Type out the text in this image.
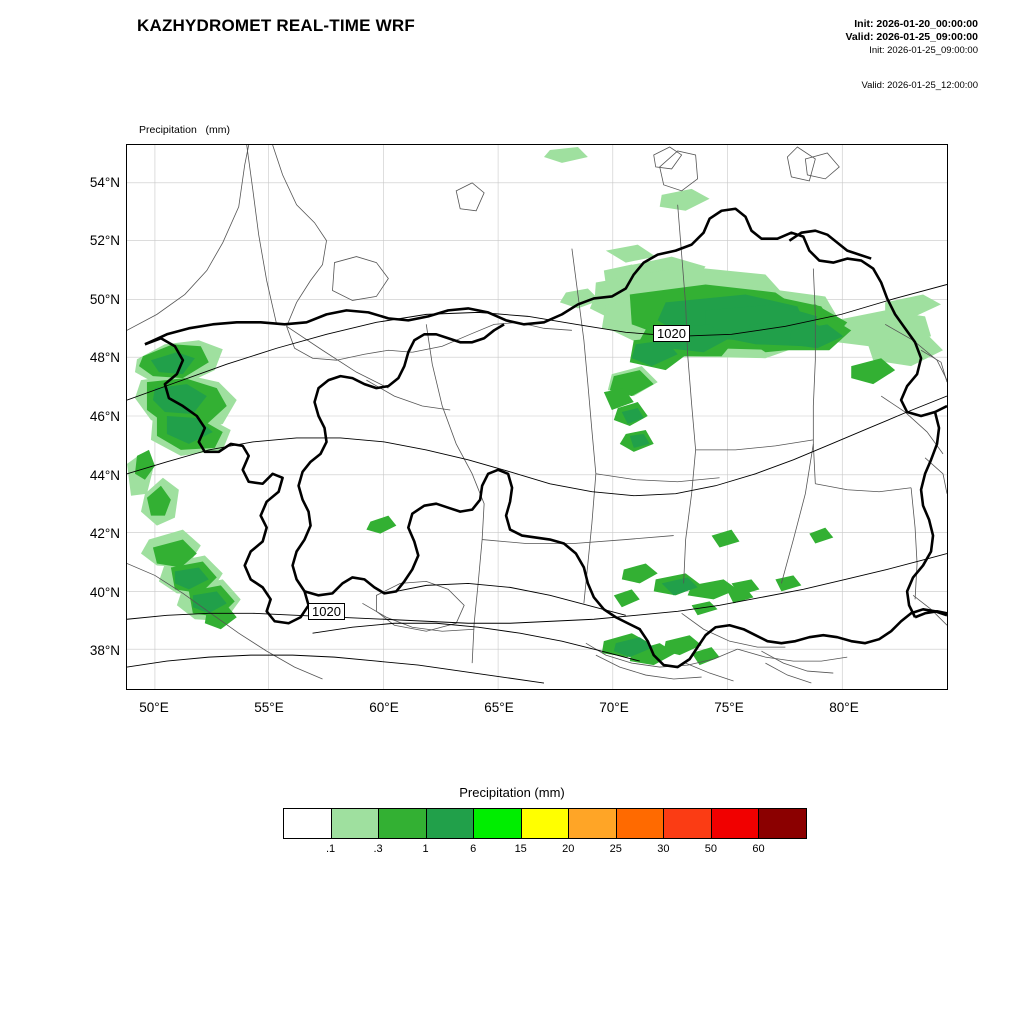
KAZHYDROMET REAL-TIME WRF	Init: 2026-01-20_00:00:00
Valid: 2026-01-25_09:00:00
Init: 2026-01-25_09:00:00
Valid: 2026-01-25_12:00:00

Precipitation   (mm)

1020
1020
54°N
52°N
50°N
48°N
46°N
44°N
42°N
40°N
38°N
50°E	55°E	60°E	65°E	70°E	75°E	80°E
Precipitation (mm)
.1	.3	1	6	15	20	25	30	50	60
